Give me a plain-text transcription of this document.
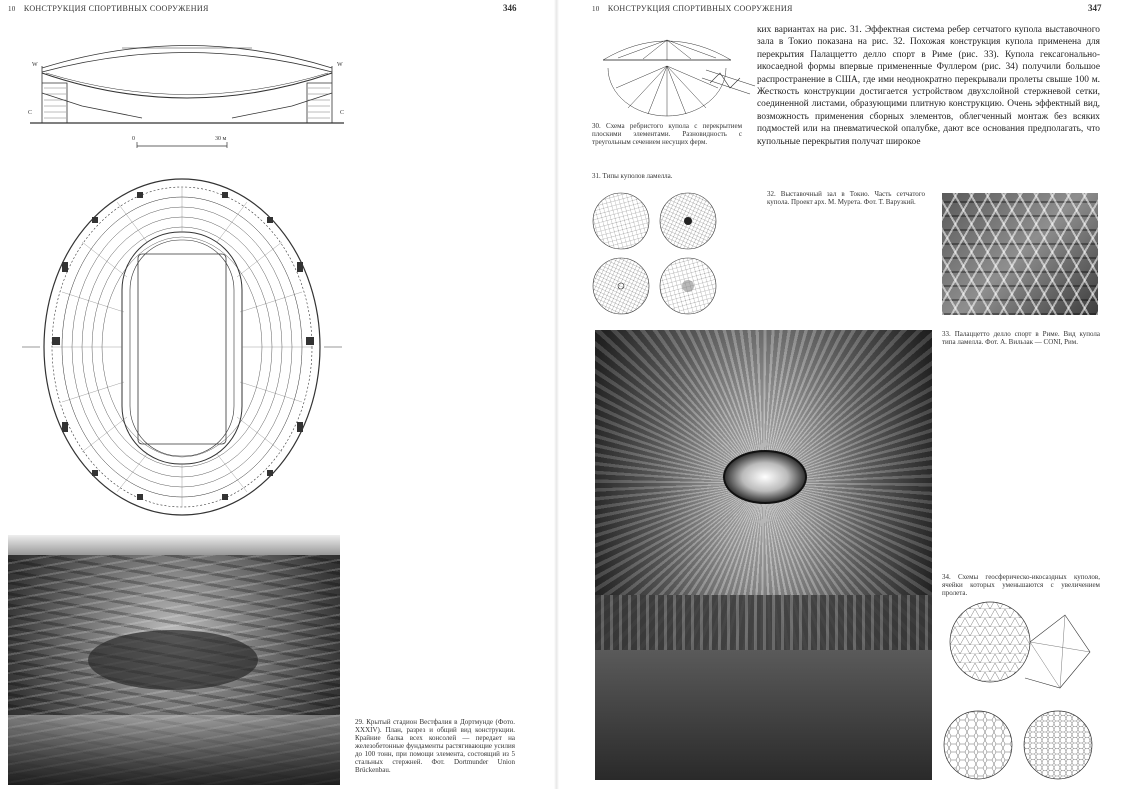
10 КОНСТРУКЦИЯ СПОРТИВНЫХ СООРУЖЕНИЯ	346
W	W
C	C
0	30 м
29. Крытый стадион Вестфалия в Дортмунде (Фото. XXXIV). План, разрез и общий вид конструкции. Крайние балка всех консолей — передает на железобетонные фундаменты растягивающие усилия до 100 тонн, при помощи элемента, состоящий из 5 стальных стержней. Фот. Dortmunder Union Brückenbau.
10 КОНСТРУКЦИЯ СПОРТИВНЫХ СООРУЖЕНИЯ	347
30. Схема ребристого купола с перекрытием плоскими элементами. Разновидность с треугольным сечением несущих ферм.
31. Типы куполов ламелла.
ких вариантах на рис. 31. Эффектная система ребер сетчатого купола выставочного зала в Токио показана на рис. 32. Похожая конструкция купола применена для перекрытия Палаццетто делло спорт в Риме (рис. 33). Купола гексагонально-икосаедной формы впервые примененные Фуллером (рис. 34) получили большое распространение в США, где ими неоднократно перекрывали пролеты свыше 100 м. Жесткость конструкции достигается устройством двухслойной стержневой сетки, соединенной листами, образующими плитную конструкцию. Очень эффектный вид, возможность применения сборных элементов, облегченный монтаж без всяких подмостей или на пневматической опалубке, дают все основания предполагать, что купольные перекрытия получат широкое
32. Выставочный зал в Токио. Часть сетчатого купола. Проект арх. М. Мурета. Фот. Т. Варузкий.
33. Палаццетто делло спорт в Риме. Вид купола типа ламелла. Фот. А. Вильзак — CONI, Рим.
34. Схемы геосферическо-икосаэдных куполов, ячейки которых уменьшаются с увеличением пролета.
